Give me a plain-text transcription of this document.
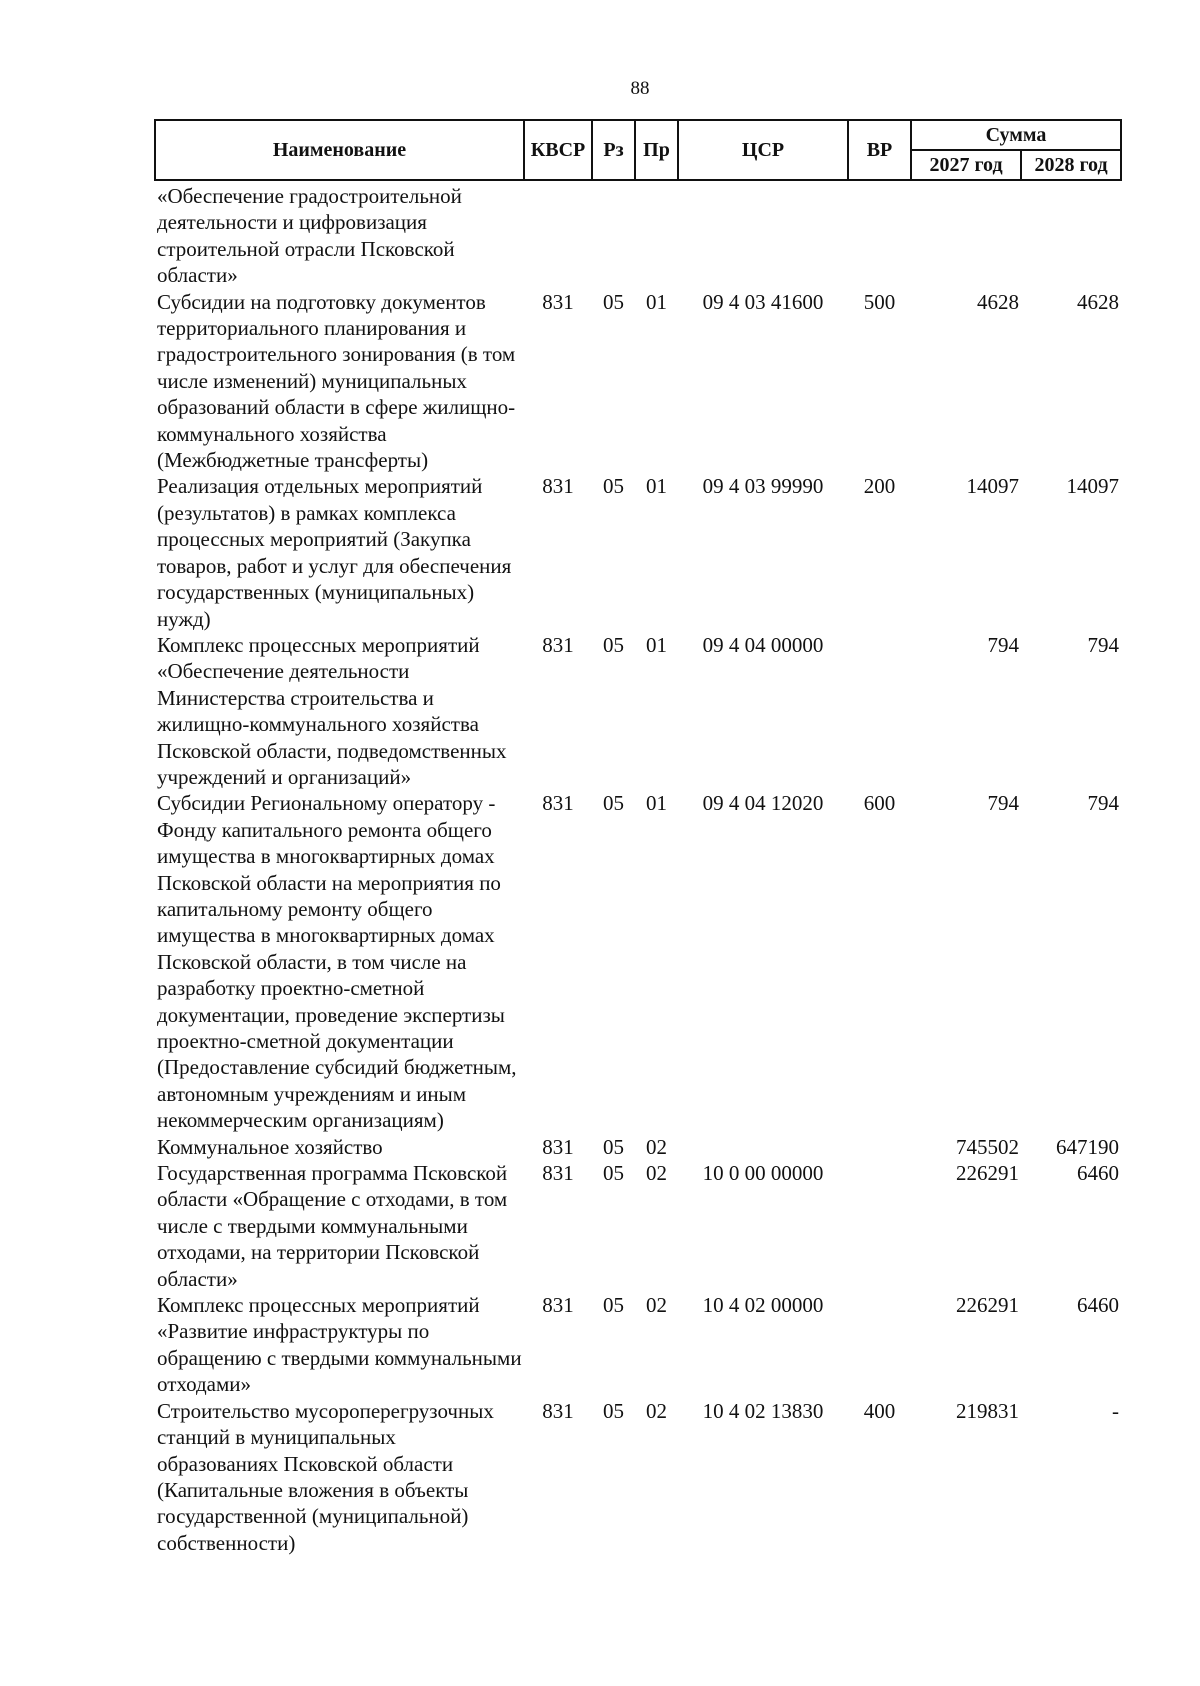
88
Наименование	КВСР	Рз	Пр	ЦСР	ВР	Сумма	
						2027 год	2028 год
«Обеспечение градостроительной деятельности и цифровизация строительной отрасли Псковской области»							
Субсидии на подготовку документов территориального планирования и градостроительного зонирования (в том числе изменений) муниципальных образований области в сфере жилищно-коммунального хозяйства (Межбюджетные трансферты)	831	05	01	09 4 03 41600	500	4628	4628
Реализация отдельных мероприятий (результатов) в рамках комплекса процессных мероприятий (Закупка товаров, работ и услуг для обеспечения государственных (муниципальных) нужд)	831	05	01	09 4 03 99990	200	14097	14097
Комплекс процессных мероприятий «Обеспечение деятельности Министерства строительства и жилищно-коммунального хозяйства Псковской области, подведомственных учреждений и организаций»	831	05	01	09 4 04 00000		794	794
Субсидии Региональному оператору - Фонду капитального ремонта общего имущества в многоквартирных домах Псковской области на мероприятия по капитальному ремонту общего имущества в многоквартирных домах Псковской области, в том числе на разработку проектно-сметной документации, проведение экспертизы проектно-сметной документации (Предоставление субсидий бюджетным, автономным учреждениям и иным некоммерческим организациям)	831	05	01	09 4 04 12020	600	794	794
Коммунальное хозяйство	831	05	02			745502	647190
Государственная программа Псковской области «Обращение с отходами, в том числе с твердыми коммунальными отходами, на территории Псковской области»	831	05	02	10 0 00 00000		226291	6460
Комплекс процессных мероприятий «Развитие инфраструктуры по обращению с твердыми коммунальными отходами»	831	05	02	10 4 02 00000		226291	6460
Строительство мусороперегрузочных станций в муниципальных образованиях Псковской области (Капитальные вложения в объекты государственной (муниципальной) собственности)	831	05	02	10 4 02 13830	400	219831	-
